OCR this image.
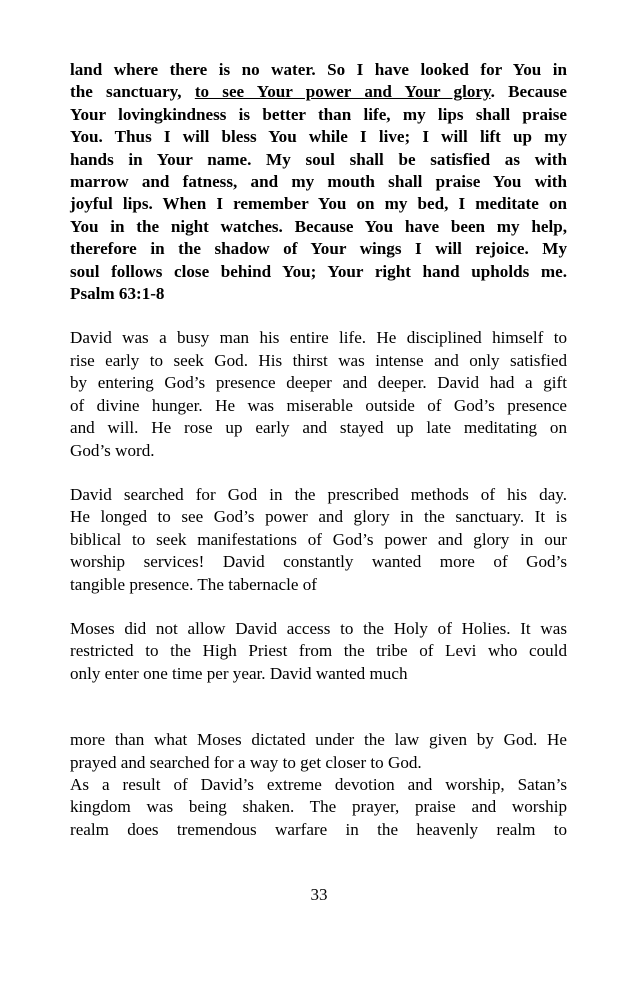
land where there is no water. So I have looked for You in
the sanctuary, to see Your power and Your glory. Because
Your lovingkindness is better than life, my lips shall praise
You. Thus I will bless You while I live; I will lift up my
hands in Your name. My soul shall be satisfied as with
marrow and fatness, and my mouth shall praise You with
joyful lips. When I remember You on my bed, I meditate on
You in the night watches. Because You have been my help,
therefore in the shadow of Your wings I will rejoice. My
soul follows close behind You; Your right hand upholds me.
Psalm 63:1-8
David was a busy man his entire life. He disciplined himself to
rise early to seek God. His thirst was intense and only satisfied
by entering God’s presence deeper and deeper. David had a gift
of divine hunger. He was miserable outside of God’s presence
and will. He rose up early and stayed up late meditating on
God’s word.
David searched for God in the prescribed methods of his day.
He longed to see God’s power and glory in the sanctuary. It is
biblical to seek manifestations of God’s power and glory in our
worship services! David constantly wanted more of God’s
tangible presence. The tabernacle of
Moses did not allow David access to the Holy of Holies. It was
restricted to the High Priest from the tribe of Levi who could
only enter one time per year. David wanted much
more than what Moses dictated under the law given by God. He
prayed and searched for a way to get closer to God.
As a result of David’s extreme devotion and worship, Satan’s
kingdom was being shaken. The prayer, praise and worship
realm does tremendous warfare in the heavenly realm to
33
